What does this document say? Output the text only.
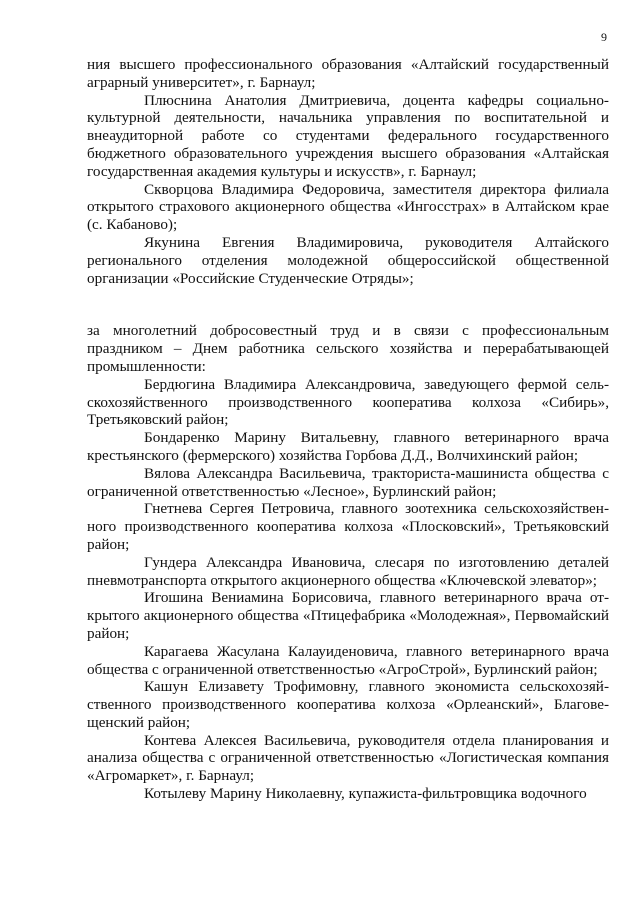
9

ния высшего профессионального образования «Алтайский государственный аграрный университет», г. Барнаул;

Плюснина Анатолия Дмитриевича, доцента кафедры социально-культурной деятельности, начальника управления по воспитательной и внеаудиторной работе со студентами федерального государственного бюджетного образовательного учреждения высшего образования «Алтайская государственная академия культуры и искусств», г. Барнаул;

Скворцова Владимира Федоровича, заместителя директора филиала открытого страхового акционерного общества «Ингосстрах» в Алтайском крае (с. Кабаново);

Якунина Евгения Владимировича, руководителя Алтайского регионального отделения молодежной общероссийской общественной организации «Российские Студенческие Отряды»;

за многолетний добросовестный труд и в связи с профессиональным праздником – Днем работника сельского хозяйства и перерабатывающей промышленности:

Бердюгина Владимира Александровича, заведующего фермой сельскохозяйственного производственного кооператива колхоза «Сибирь», Третьяковский район;

Бондаренко Марину Витальевну, главного ветеринарного врача крестьянского (фермерского) хозяйства Горбова Д.Д., Волчихинский район;

Вялова Александра Васильевича, тракториста-машиниста общества с ограниченной ответственностью «Лесное», Бурлинский район;

Гнетнева Сергея Петровича, главного зоотехника сельскохозяйственного производственного кооператива колхоза «Плосковский», Третьяковский район;

Гундера Александра Ивановича, слесаря по изготовлению деталей пневмотранспорта открытого акционерного общества «Ключевской элеватор»;

Игошина Вениамина Борисовича, главного ветеринарного врача открытого акционерного общества «Птицефабрика «Молодежная», Первомайский район;

Карагаева Жасулана Калауиденовича, главного ветеринарного врача общества с ограниченной ответственностью «АгроСтрой», Бурлинский район;

Кашун Елизавету Трофимовну, главного экономиста сельскохозяйственного производственного кооператива колхоза «Орлеанский», Благовещенский район;

Контева Алексея Васильевича, руководителя отдела планирования и анализа общества с ограниченной ответственностью «Логистическая компания «Агромаркет», г. Барнаул;

Котылеву Марину Николаевну, купажиста-фильтровщика водочного
